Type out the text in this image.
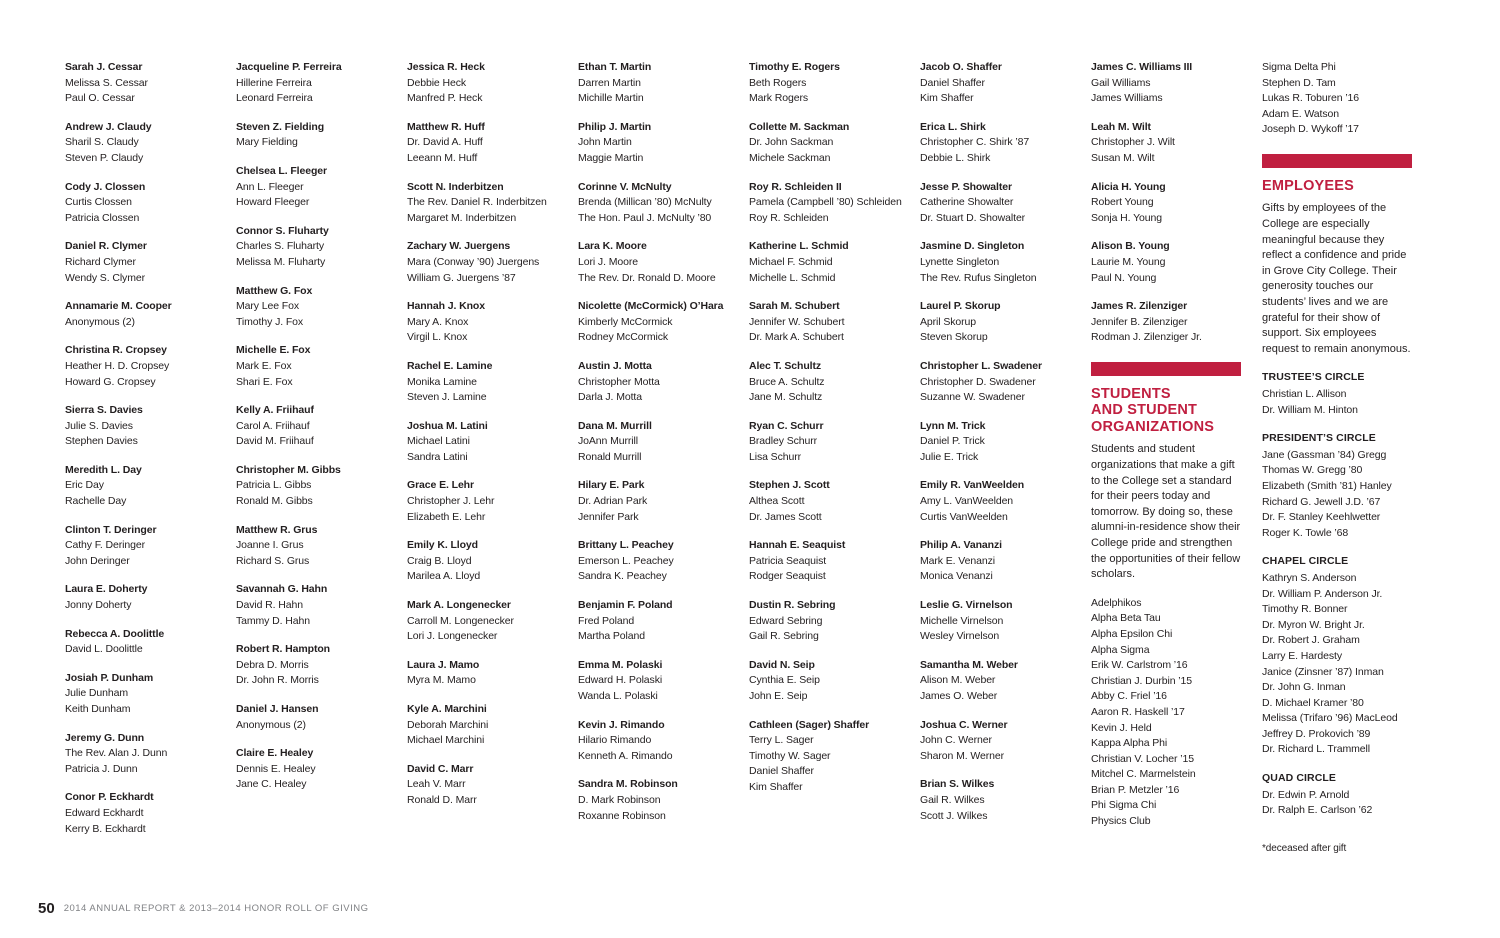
Sarah J. Cessar
Melissa S. Cessar
Paul O. Cessar
Andrew J. Claudy
Sharil S. Claudy
Steven P. Claudy
Cody J. Clossen
Curtis Clossen
Patricia Clossen
Daniel R. Clymer
Richard Clymer
Wendy S. Clymer
Annamarie M. Cooper
Anonymous (2)
Christina R. Cropsey
Heather H. D. Cropsey
Howard G. Cropsey
Sierra S. Davies
Julie S. Davies
Stephen Davies
Meredith L. Day
Eric Day
Rachelle Day
Clinton T. Deringer
Cathy F. Deringer
John Deringer
Laura E. Doherty
Jonny Doherty
Rebecca A. Doolittle
David L. Doolittle
Josiah P. Dunham
Julie Dunham
Keith Dunham
Jeremy G. Dunn
The Rev. Alan J. Dunn
Patricia J. Dunn
Conor P. Eckhardt
Edward Eckhardt
Kerry B. Eckhardt
Jacqueline P. Ferreira
Hillerine Ferreira
Leonard Ferreira
Steven Z. Fielding
Mary Fielding
Chelsea L. Fleeger
Ann L. Fleeger
Howard Fleeger
Connor S. Fluharty
Charles S. Fluharty
Melissa M. Fluharty
Matthew G. Fox
Mary Lee Fox
Timothy J. Fox
Michelle E. Fox
Mark E. Fox
Shari E. Fox
Kelly A. Friihauf
Carol A. Friihauf
David M. Friihauf
Christopher M. Gibbs
Patricia L. Gibbs
Ronald M. Gibbs
Matthew R. Grus
Joanne I. Grus
Richard S. Grus
Savannah G. Hahn
David R. Hahn
Tammy D. Hahn
Robert R. Hampton
Debra D. Morris
Dr. John R. Morris
Daniel J. Hansen
Anonymous (2)
Claire E. Healey
Dennis E. Healey
Jane C. Healey
Jessica R. Heck
Debbie Heck
Manfred P. Heck
Matthew R. Huff
Dr. David A. Huff
Leeann M. Huff
Scott N. Inderbitzen
The Rev. Daniel R. Inderbitzen
Margaret M. Inderbitzen
Zachary W. Juergens
Mara (Conway ’90) Juergens
William G. Juergens ’87
Hannah J. Knox
Mary A. Knox
Virgil L. Knox
Rachel E. Lamine
Monika Lamine
Steven J. Lamine
Joshua M. Latini
Michael Latini
Sandra Latini
Grace E. Lehr
Christopher J. Lehr
Elizabeth E. Lehr
Emily K. Lloyd
Craig B. Lloyd
Marilea A. Lloyd
Mark A. Longenecker
Carroll M. Longenecker
Lori J. Longenecker
Laura J. Mamo
Myra M. Mamo
Kyle A. Marchini
Deborah Marchini
Michael Marchini
David C. Marr
Leah V. Marr
Ronald D. Marr
Ethan T. Martin
Darren Martin
Michille Martin
Philip J. Martin
John Martin
Maggie Martin
Corinne V. McNulty
Brenda (Millican ’80) McNulty
The Hon. Paul J. McNulty ’80
Lara K. Moore
Lori J. Moore
The Rev. Dr. Ronald D. Moore
Nicolette (McCormick) O’Hara
Kimberly McCormick
Rodney McCormick
Austin J. Motta
Christopher Motta
Darla J. Motta
Dana M. Murrill
JoAnn Murrill
Ronald Murrill
Hilary E. Park
Dr. Adrian Park
Jennifer Park
Brittany L. Peachey
Emerson L. Peachey
Sandra K. Peachey
Benjamin F. Poland
Fred Poland
Martha Poland
Emma M. Polaski
Edward H. Polaski
Wanda L. Polaski
Kevin J. Rimando
Hilario Rimando
Kenneth A. Rimando
Sandra M. Robinson
D. Mark Robinson
Roxanne Robinson
Timothy E. Rogers
Beth Rogers
Mark Rogers
Collette M. Sackman
Dr. John Sackman
Michele Sackman
Roy R. Schleiden II
Pamela (Campbell ’80) Schleiden
Roy R. Schleiden
Katherine L. Schmid
Michael F. Schmid
Michelle L. Schmid
Sarah M. Schubert
Jennifer W. Schubert
Dr. Mark A. Schubert
Alec T. Schultz
Bruce A. Schultz
Jane M. Schultz
Ryan C. Schurr
Bradley Schurr
Lisa Schurr
Stephen J. Scott
Althea Scott
Dr. James Scott
Hannah E. Seaquist
Patricia Seaquist
Rodger Seaquist
Dustin R. Sebring
Edward Sebring
Gail R. Sebring
David N. Seip
Cynthia E. Seip
John E. Seip
Cathleen (Sager) Shaffer
Terry L. Sager
Timothy W. Sager
Daniel Shaffer
Kim Shaffer
Jacob O. Shaffer
Daniel Shaffer
Kim Shaffer
Erica L. Shirk
Christopher C. Shirk ’87
Debbie L. Shirk
Jesse P. Showalter
Catherine Showalter
Dr. Stuart D. Showalter
Jasmine D. Singleton
Lynette Singleton
The Rev. Rufus Singleton
Laurel P. Skorup
April Skorup
Steven Skorup
Christopher L. Swadener
Christopher D. Swadener
Suzanne W. Swadener
Lynn M. Trick
Daniel P. Trick
Julie E. Trick
Emily R. VanWeelden
Amy L. VanWeelden
Curtis VanWeelden
Philip A. Vananzi
Mark E. Venanzi
Monica Venanzi
Leslie G. Virnelson
Michelle Virnelson
Wesley Virnelson
Samantha M. Weber
Alison M. Weber
James O. Weber
Joshua C. Werner
John C. Werner
Sharon M. Werner
Brian S. Wilkes
Gail R. Wilkes
Scott J. Wilkes
James C. Williams III
Gail Williams
James Williams
Leah M. Wilt
Christopher J. Wilt
Susan M. Wilt
Alicia H. Young
Robert Young
Sonja H. Young
Alison B. Young
Laurie M. Young
Paul N. Young
James R. Zilenziger
Jennifer B. Zilenziger
Rodman J. Zilenziger Jr.
STUDENTS
AND STUDENT
ORGANIZATIONS
Students and student organizations that make a gift to the College set a standard for their peers today and tomorrow. By doing so, these alumni-in-residence show their College pride and strengthen the opportunities of their fellow scholars.
Adelphikos
Alpha Beta Tau
Alpha Epsilon Chi
Alpha Sigma
Erik W. Carlstrom ’16
Christian J. Durbin ’15
Abby C. Friel ’16
Aaron R. Haskell ’17
Kevin J. Held
Kappa Alpha Phi
Christian V. Locher ’15
Mitchel C. Marmelstein
Brian P. Metzler ’16
Phi Sigma Chi
Physics Club
Sigma Delta Phi
Stephen D. Tam
Lukas R. Toburen ’16
Adam E. Watson
Joseph D. Wykoff ’17
EMPLOYEES
Gifts by employees of the College are especially meaningful because they reflect a confidence and pride in Grove City College. Their generosity touches our students’ lives and we are grateful for their show of support. Six employees request to remain anonymous.
TRUSTEE’S CIRCLE
Christian L. Allison
Dr. William M. Hinton
PRESIDENT’S CIRCLE
Jane (Gassman ’84) Gregg
Thomas W. Gregg ’80
Elizabeth (Smith ’81) Hanley
Richard G. Jewell J.D. ’67
Dr. F. Stanley Keehlwetter
Roger K. Towle ’68
CHAPEL CIRCLE
Kathryn S. Anderson
Dr. William P. Anderson Jr.
Timothy R. Bonner
Dr. Myron W. Bright Jr.
Dr. Robert J. Graham
Larry E. Hardesty
Janice (Zinsner ’87) Inman
Dr. John G. Inman
D. Michael Kramer ’80
Melissa (Trifaro ’96) MacLeod
Jeffrey D. Prokovich ’89
Dr. Richard L. Trammell
QUAD CIRCLE
Dr. Edwin P. Arnold
Dr. Ralph E. Carlson ’62
*deceased after gift
50 2014 ANNUAL REPORT & 2013–2014 HONOR ROLL OF GIVING
